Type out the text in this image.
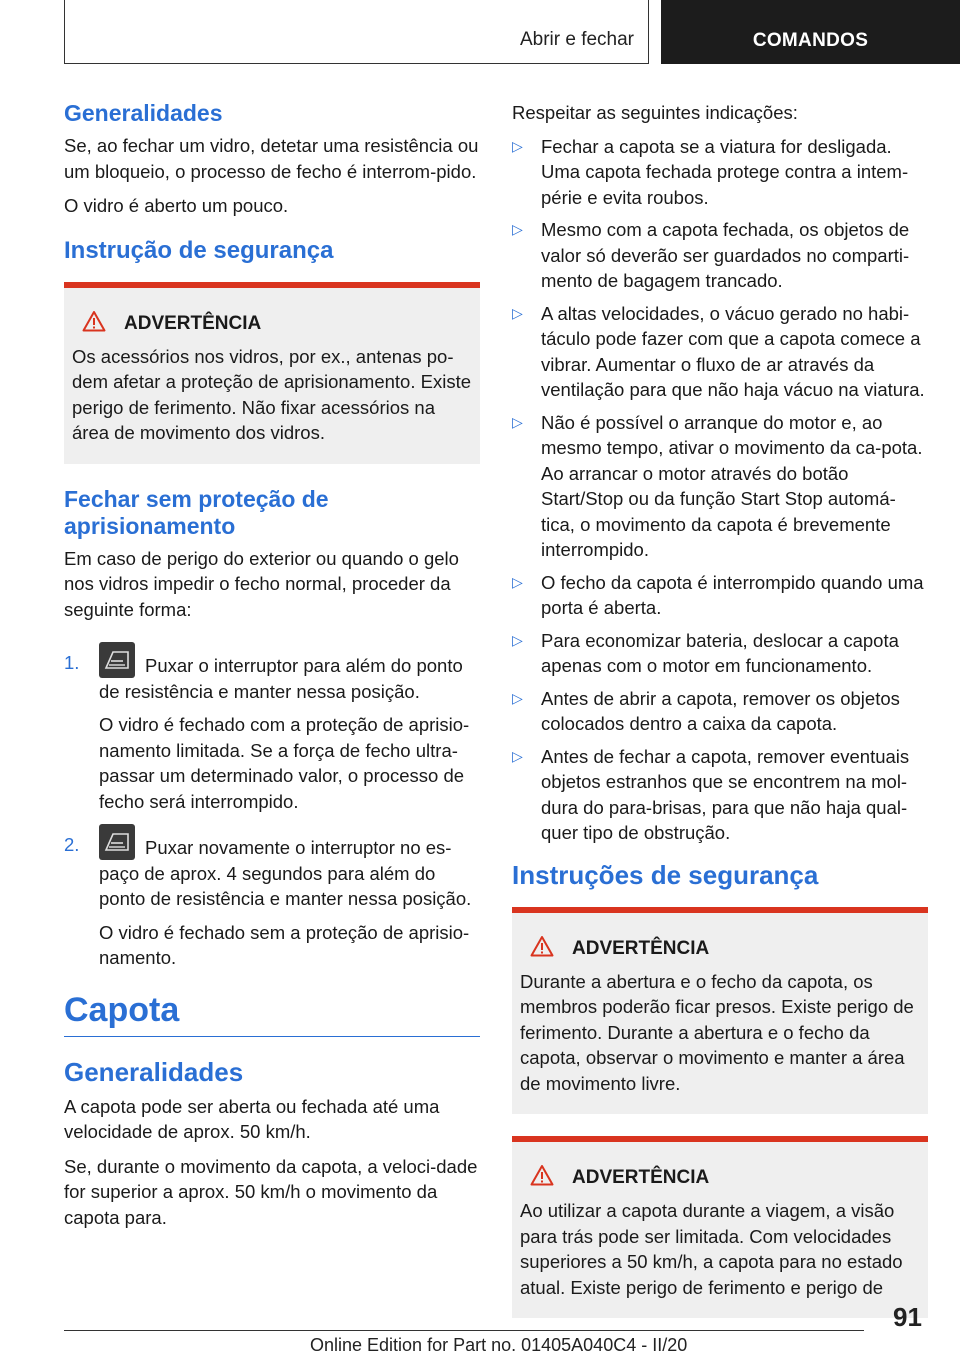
Abrir e fechar	COMANDOS
Generalidades

Se, ao fechar um vidro, detetar uma resistência ou um bloqueio, o processo de fecho é interrom-pido.

O vidro é aberto um pouco.

Instrução de segurança
ADVERTÊNCIA

Os acessórios nos vidros, por ex., antenas po-dem afetar a proteção de aprisionamento. Existe perigo de ferimento. Não fixar acessórios na área de movimento dos vidros.

Fechar sem proteção de aprisionamento

Em caso de perigo do exterior ou quando o gelo nos vidros impedir o fecho normal, proceder da seguinte forma:

1.	Puxar o interruptor para além do ponto de resistência e manter nessa posição.

O vidro é fechado com a proteção de aprisio-namento limitada. Se a força de fecho ultra-passar um determinado valor, o processo de fecho será interrompido.

2.	Puxar novamente o interruptor no es-paço de aprox. 4 segundos para além do ponto de resistência e manter nessa posição.

O vidro é fechado sem a proteção de aprisio-namento.

Capota
Generalidades

A capota pode ser aberta ou fechada até uma velocidade de aprox. 50 km/h.

Se, durante o movimento da capota, a veloci-dade for superior a aprox. 50 km/h o movimento da capota para.

Respeitar as seguintes indicações:

▷ Fechar a capota se a viatura for desligada. Uma capota fechada protege contra a intem-périe e evita roubos.
▷ Mesmo com a capota fechada, os objetos de valor só deverão ser guardados no comparti-mento de bagagem trancado.
▷ A altas velocidades, o vácuo gerado no habi-táculo pode fazer com que a capota comece a vibrar. Aumentar o fluxo de ar através da ventilação para que não haja vácuo na viatura.
▷ Não é possível o arranque do motor e, ao mesmo tempo, ativar o movimento da ca-pota. Ao arrancar o motor através do botão Start/Stop ou da função Start Stop automá-tica, o movimento da capota é brevemente interrompido.
▷ O fecho da capota é interrompido quando uma porta é aberta.
▷ Para economizar bateria, deslocar a capota apenas com o motor em funcionamento.
▷ Antes de abrir a capota, remover os objetos colocados dentro a caixa da capota.
▷ Antes de fechar a capota, remover eventuais objetos estranhos que se encontrem na mol-dura do para-brisas, para que não haja qual-quer tipo de obstrução.
Instruções de segurança
ADVERTÊNCIA

Durante a abertura e o fecho da capota, os membros poderão ficar presos. Existe perigo de ferimento. Durante a abertura e o fecho da capota, observar o movimento e manter a área de movimento livre.

ADVERTÊNCIA

Ao utilizar a capota durante a viagem, a visão para trás pode ser limitada. Com velocidades superiores a 50 km/h, a capota para no estado atual. Existe perigo de ferimento e perigo de

91
Online Edition for Part no. 01405A040C4 - II/20
